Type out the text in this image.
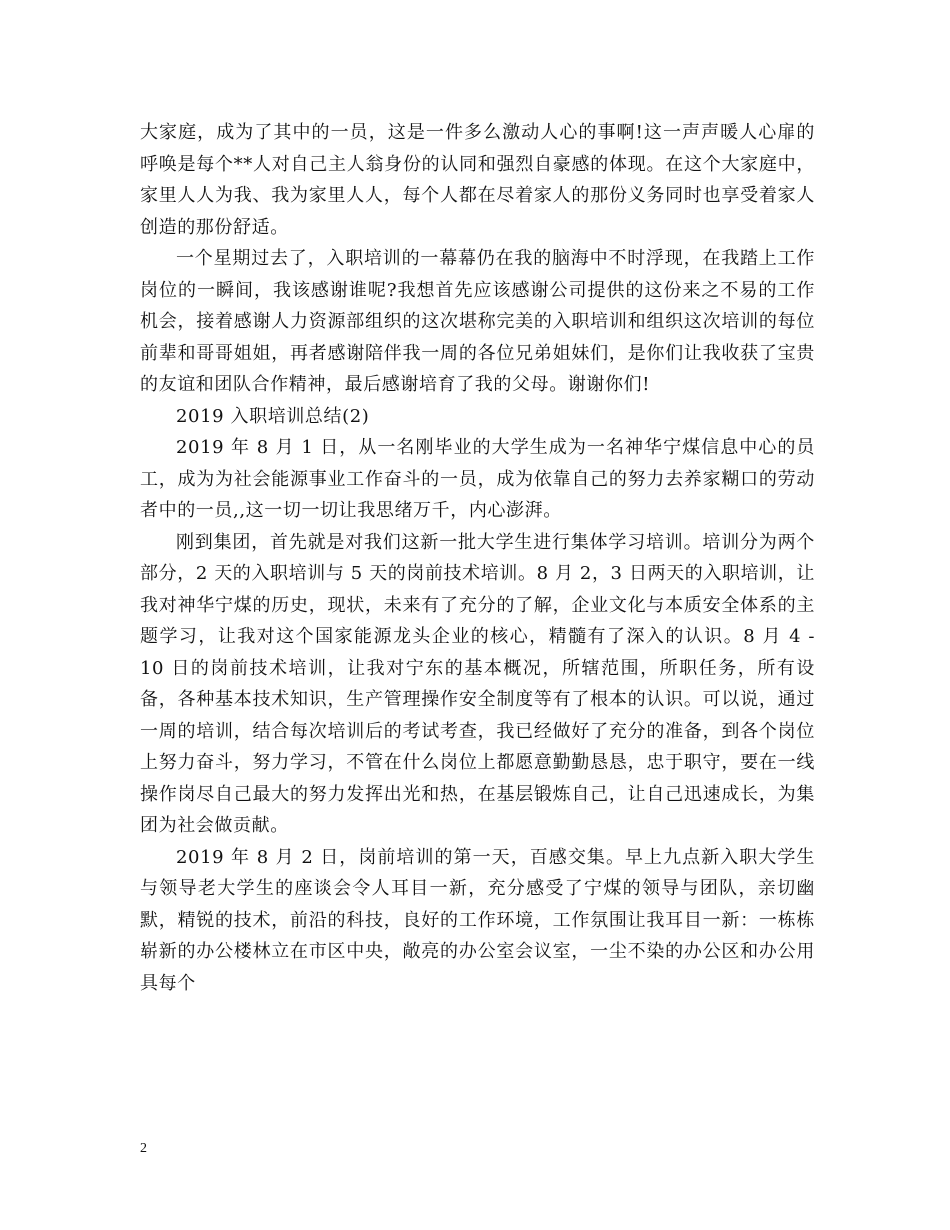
大家庭，成为了其中的一员，这是一件多么激动人心的事啊!这一声声暖人心扉的呼唤是每个**人对自己主人翁身份的认同和强烈自豪感的体现。在这个大家庭中，家里人人为我、我为家里人人，每个人都在尽着家人的那份义务同时也享受着家人创造的那份舒适。

一个星期过去了，入职培训的一幕幕仍在我的脑海中不时浮现，在我踏上工作岗位的一瞬间，我该感谢谁呢?我想首先应该感谢公司提供的这份来之不易的工作机会，接着感谢人力资源部组织的这次堪称完美的入职培训和组织这次培训的每位前辈和哥哥姐姐，再者感谢陪伴我一周的各位兄弟姐妹们，是你们让我收获了宝贵的友谊和团队合作精神，最后感谢培育了我的父母。谢谢你们!

2019 入职培训总结(2)

2019 年 8 月 1 日，从一名刚毕业的大学生成为一名神华宁煤信息中心的员工，成为为社会能源事业工作奋斗的一员，成为依靠自己的努力去养家糊口的劳动者中的一员,,这一切一切让我思绪万千，内心澎湃。

刚到集团，首先就是对我们这新一批大学生进行集体学习培训。培训分为两个部分，2 天的入职培训与 5 天的岗前技术培训。8 月 2，3 日两天的入职培训，让我对神华宁煤的历史，现状，未来有了充分的了解，企业文化与本质安全体系的主题学习，让我对这个国家能源龙头企业的核心，精髓有了深入的认识。8 月 4 - 10 日的岗前技术培训，让我对宁东的基本概况，所辖范围，所职任务，所有设备，各种基本技术知识，生产管理操作安全制度等有了根本的认识。可以说，通过一周的培训，结合每次培训后的考试考查，我已经做好了充分的准备，到各个岗位上努力奋斗，努力学习，不管在什么岗位上都愿意勤勤恳恳，忠于职守，要在一线操作岗尽自己最大的努力发挥出光和热，在基层锻炼自己，让自己迅速成长，为集团为社会做贡献。

2019 年 8 月 2 日，岗前培训的第一天，百感交集。早上九点新入职大学生与领导老大学生的座谈会令人耳目一新，充分感受了宁煤的领导与团队，亲切幽默，精锐的技术，前沿的科技，良好的工作环境，工作氛围让我耳目一新：一栋栋崭新的办公楼林立在市区中央，敞亮的办公室会议室，一尘不染的办公区和办公用具每个

2
